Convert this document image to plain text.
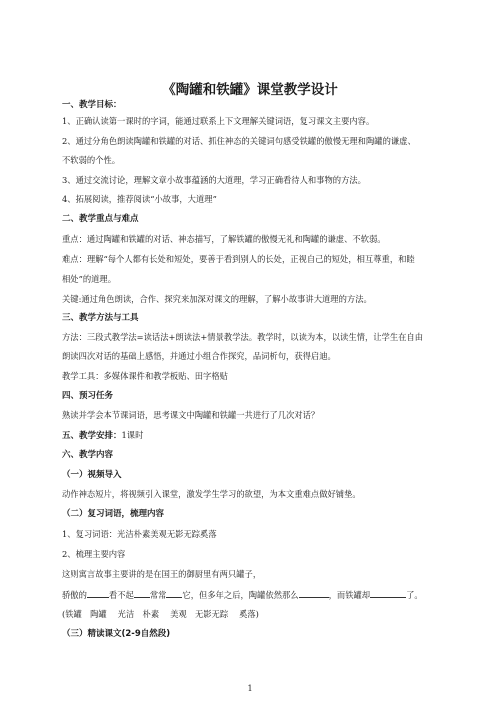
《陶罐和铁罐》课堂教学设计
一、教学目标：
1、正确认读第一课时的字词，能通过联系上下文理解关键词语，复习课文主要内容。
2、通过分角色朗读陶罐和铁罐的对话、抓住神态的关键词句感受铁罐的傲慢无理和陶罐的谦虚、
不软弱的个性。
3、通过交流讨论，理解文章小故事蕴涵的大道理，学习正确看待人和事物的方法。
4、拓展阅读，推荐阅读“小故事，大道理”
二、教学重点与难点
重点：通过陶罐和铁罐的对话、神态描写，了解铁罐的傲慢无礼和陶罐的谦虚、不软弱。
难点：理解“每个人都有长处和短处，要善于看到别人的长处，正视自己的短处，相互尊重，和睦
相处”的道理。
关键:通过角色朗读，合作、探究来加深对课文的理解，了解小故事讲大道理的方法。
三、教学方法与工具
方法：三段式教学法=读话法+朗读法+情景教学法。教学时，以读为本，以读生情，让学生在自由
朗读四次对话的基础上感悟，并通过小组合作探究，品词析句，获得启迪。
教学工具：多媒体课件和教学板贴、田字格贴
四、预习任务
熟读并学会本节课词语，思考课文中陶罐和铁罐一共进行了几次对话？
五、教学安排：1课时
六、教学内容
（一）视频导入
动作神态短片，将视频引入课堂，激发学生学习的欲望，为本文重难点做好铺垫。
（二）复习词语，梳理内容
1、复习词语：光洁朴素美观无影无踪奚落
2、梳理主要内容
这则寓言故事主要讲的是在国王的御厨里有两只罐子，
骄傲的	看不起 常常 它，但多年之后，陶罐依然那么	，而铁罐却	了。
(铁罐　陶罐　 光洁　朴素　 美观　无影无踪　 奚落)
（三）精读课文(2-9自然段)
1
